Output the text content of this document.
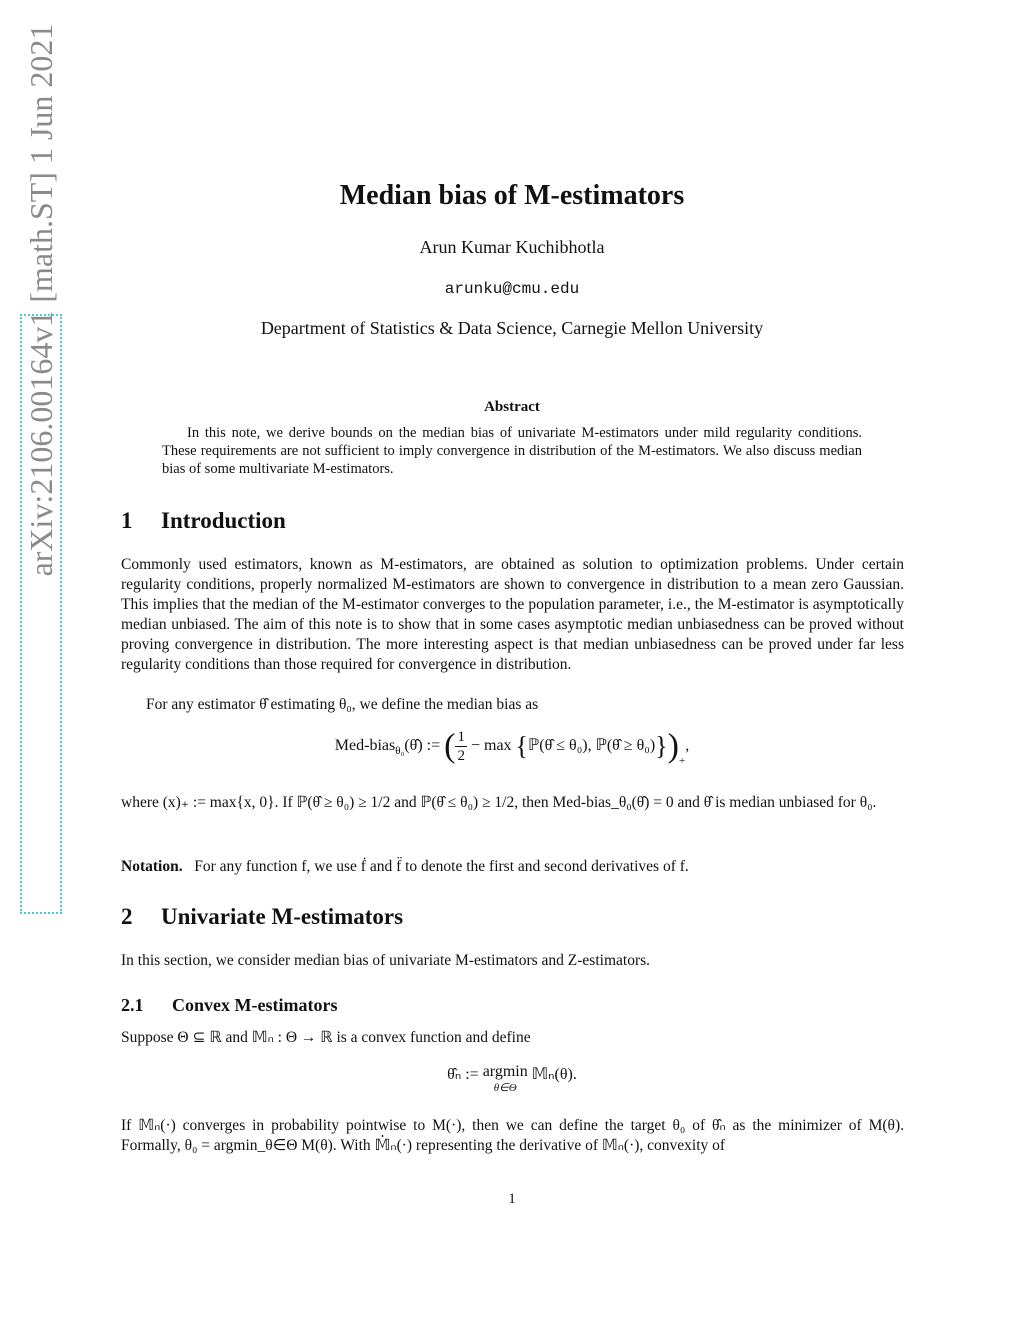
arXiv:2106.00164v1 [math.ST] 1 Jun 2021	Median bias of M-estimators
Arun Kumar Kuchibhotla
arunku@cmu.edu
Department of Statistics & Data Science, Carnegie Mellon University
Abstract
In this note, we derive bounds on the median bias of univariate M-estimators under mild regularity conditions. These requirements are not sufficient to imply convergence in distribution of the M-estimators. We also discuss median bias of some multivariate M-estimators.
1 Introduction
Commonly used estimators, known as M-estimators, are obtained as solution to optimization problems. Under certain regularity conditions, properly normalized M-estimators are shown to convergence in distribution to a mean zero Gaussian. This implies that the median of the M-estimator converges to the population parameter, i.e., the M-estimator is asymptotically median unbiased. The aim of this note is to show that in some cases asymptotic median unbiasedness can be proved without proving convergence in distribution. The more interesting aspect is that median unbiasedness can be proved under far less regularity conditions than those required for convergence in distribution.
For any estimator θ̂ estimating θ₀, we define the median bias as
Med-bias$_{\theta_0}$(θ̂) := ( $\frac{1}{2} - \max$ {ℙ(θ̂ ≤ θ₀), ℙ(θ̂ ≥ $\theta_0)\})_+$,
where (x)₊ := max{x, 0}. If ℙ(θ̂ ≥ θ₀) ≥ 1/2 and ℙ(θ̂ ≤ θ₀) ≥ 1/2, then Med-bias_θ₀(θ̂) = 0 and θ̂ is median unbiased for θ₀.
Notation. For any function f, we use ḟ and f̈ to denote the first and second derivatives of f.
2 Univariate M-estimators
In this section, we consider median bias of univariate M-estimators and Z-estimators.
2.1 Convex M-estimators
Suppose Θ ⊆ ℝ and 𝕄ₙ : Θ → ℝ is a convex function and define
θ̂ₙ := argmin
θ∈Θ
𝕄ₙ(θ).
If 𝕄ₙ(·) converges in probability pointwise to M(·), then we can define the target θ₀ of θ̂ₙ as the minimizer of M(θ). Formally, θ₀ = argmin_θ∈Θ M(θ). With 𝕄̇ₙ(·) representing the derivative of 𝕄ₙ(·), convexity of
1
